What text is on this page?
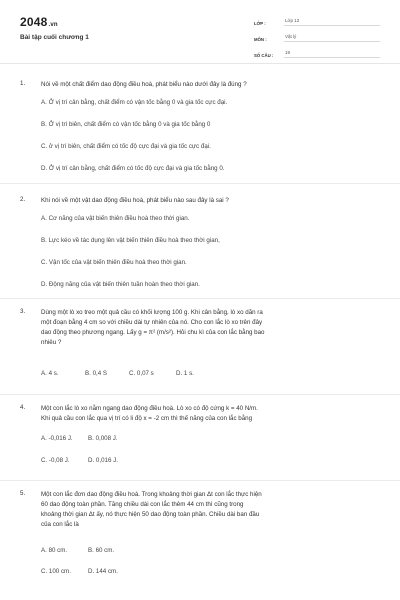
2048.vn
Bài tập cuối chương 1
LỚP :
Lớp 12
MÔN :
Vật lý
SỐ CÂU :
19
1.	Nói về một chất điểm dao động điều hoà, phát biểu nào dưới đây là đúng ?
A. Ở vị trí cân bằng, chất điểm có vận tốc bằng 0 và gia tốc cực đại.
B. Ở vị trí biên, chất điểm có vận tốc bằng 0 và gia tốc bằng 0
C. ở vị trí biên, chất điểm có tốc độ cực đại và gia tốc cực đại.
D. Ở vị trí cân bằng, chất điểm có tốc độ cực đại và gia tốc bằng 0.
2.	Khi nói về một vật dao động điều hoà, phát biểu nào sau đây là sai ?
A. Cơ năng của vật biến thiên điều hoà theo thời gian.
B. Lực kéo về tác dụng lên vật biến thiên điều hoà theo thời gian,
C. Vận tốc của vật biến thiên điều hoà theo thời gian.
D. Động năng của vật biến thiên tuần hoàn theo thời gian.
3.	Dùng một lò xo treo một quả cầu có khối lượng 100 g. Khi cân bằng, lò xo dãn ra
một đoạn bằng 4 cm so với chiều dài tự nhiên của nó. Cho con lắc lò xo trên đây
dao động theo phương ngang. Lấy g = π² (m/s²). Hỏi chu kì của con lắc bằng bao
nhiêu ?
A. 4 s.	B. 0,4 S	C. 0,07 s	D. 1 s.
4.	Một con lắc lò xo nằm ngang dao động điều hoà. Lò xo có độ cứng k = 40 N/m.
Khi quả cầu con lắc qua vị trí có li độ x = -2 cm thì thế năng của con lắc bằng
A. -0,016 J. B. 0,008 J.
C. -0,08 J.	D. 0,016 J.
5.	Một con lắc đơn dao động điều hoà. Trong khoảng thời gian Δt con lắc thực hiện
60 dao động toàn phần. Tăng chiều dài con lắc thêm 44 cm thì cũng trong
khoảng thời gian Δt ấy, nó thực hiện 50 dao động toàn phần. Chiều dài ban đầu
của con lắc là
A. 80 cm.	B. 60 cm.
C. 100 cm.	D. 144 cm.
